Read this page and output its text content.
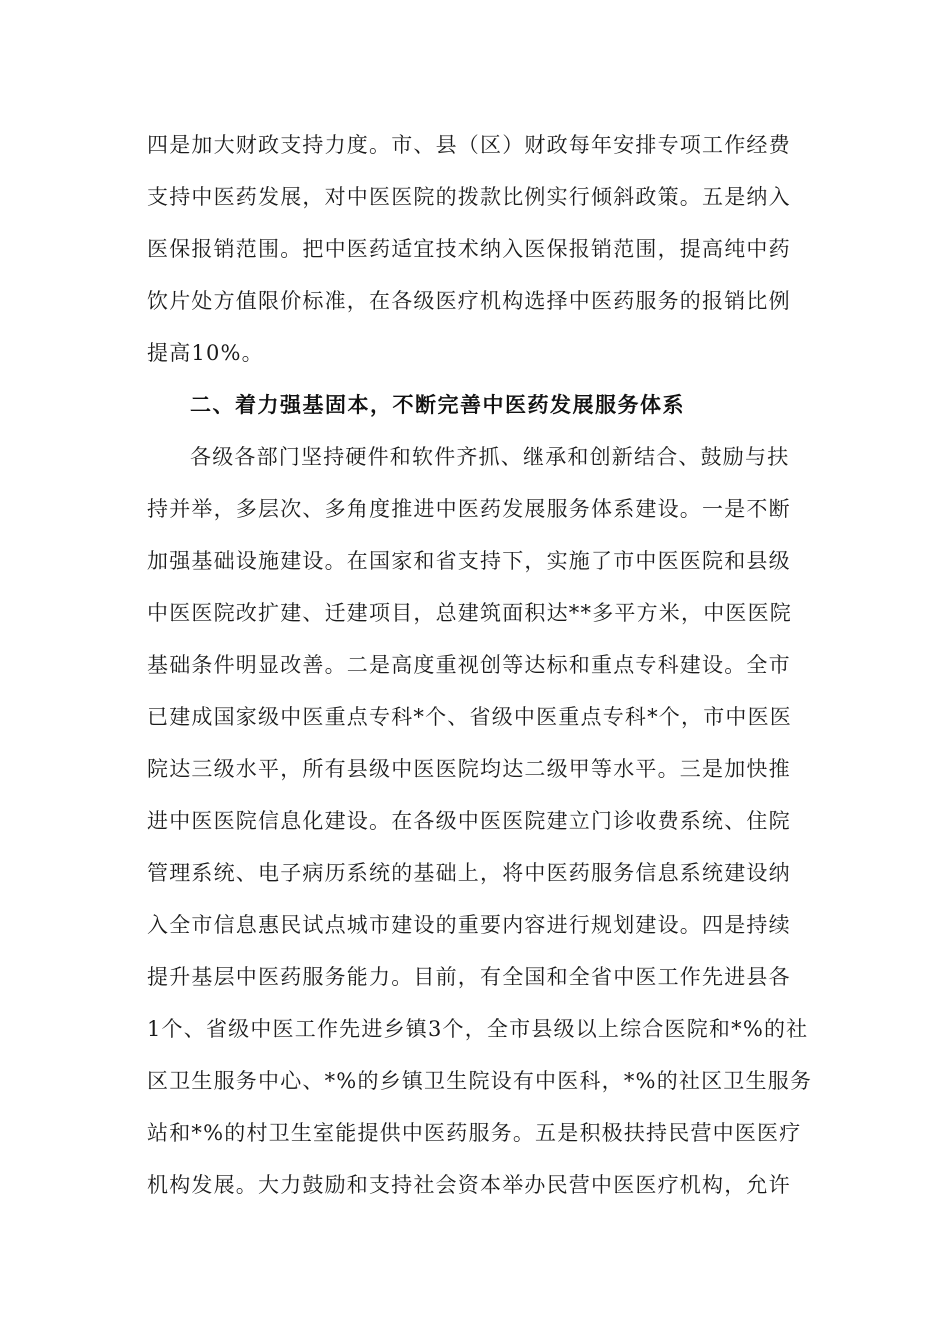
四是加大财政支持力度。市、县（区）财政每年安排专项工作经费
支持中医药发展，对中医医院的拨款比例实行倾斜政策。五是纳入
医保报销范围。把中医药适宜技术纳入医保报销范围，提高纯中药
饮片处方值限价标准，在各级医疗机构选择中医药服务的报销比例
提高10%。
二、着力强基固本，不断完善中医药发展服务体系
各级各部门坚持硬件和软件齐抓、继承和创新结合、鼓励与扶
持并举，多层次、多角度推进中医药发展服务体系建设。一是不断
加强基础设施建设。在国家和省支持下，实施了市中医医院和县级
中医医院改扩建、迁建项目，总建筑面积达**多平方米，中医医院
基础条件明显改善。二是高度重视创等达标和重点专科建设。全市
已建成国家级中医重点专科*个、省级中医重点专科*个，市中医医
院达三级水平，所有县级中医医院均达二级甲等水平。三是加快推
进中医医院信息化建设。在各级中医医院建立门诊收费系统、住院
管理系统、电子病历系统的基础上，将中医药服务信息系统建设纳
入全市信息惠民试点城市建设的重要内容进行规划建设。四是持续
提升基层中医药服务能力。目前，有全国和全省中医工作先进县各
1个、省级中医工作先进乡镇3个，全市县级以上综合医院和*%的社
区卫生服务中心、*%的乡镇卫生院设有中医科，*%的社区卫生服务
站和*%的村卫生室能提供中医药服务。五是积极扶持民营中医医疗
机构发展。大力鼓励和支持社会资本举办民营中医医疗机构，允许
